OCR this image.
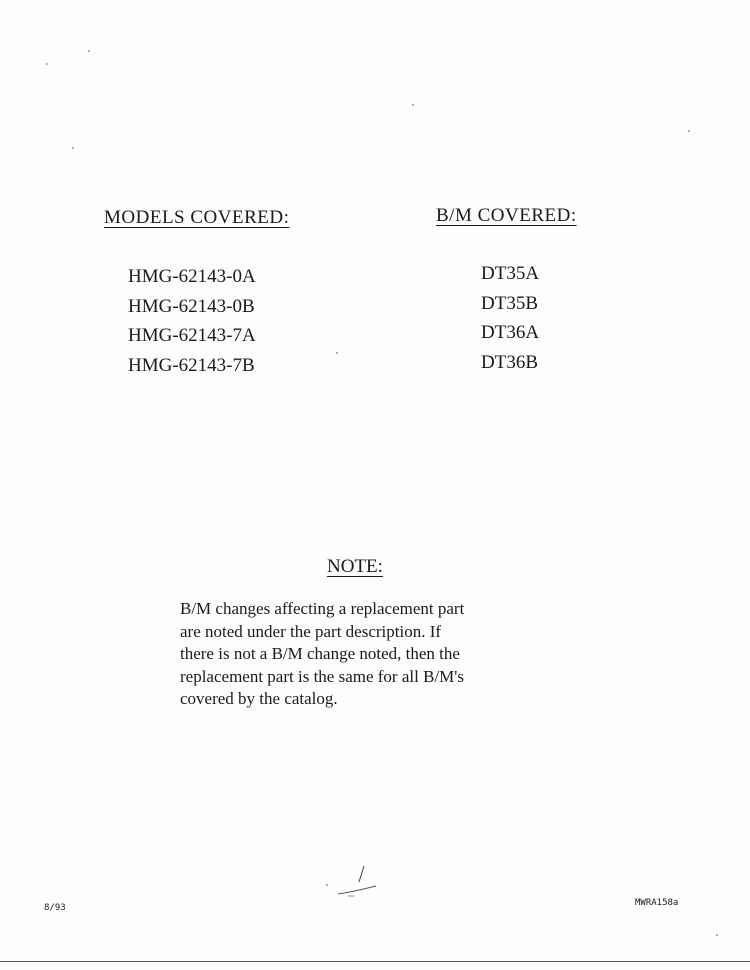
MODELS COVERED:	B/M COVERED:
HMG-62143-0A
HMG-62143-0B
HMG-62143-7A
HMG-62143-7B
DT35A
DT35B
DT36A
DT36B
NOTE:
B/M changes affecting a replacement part
are noted under the part description. If
there is not a B/M change noted, then the
replacement part is the same for all B/M's
covered by the catalog.
8/93	MWRA158a
